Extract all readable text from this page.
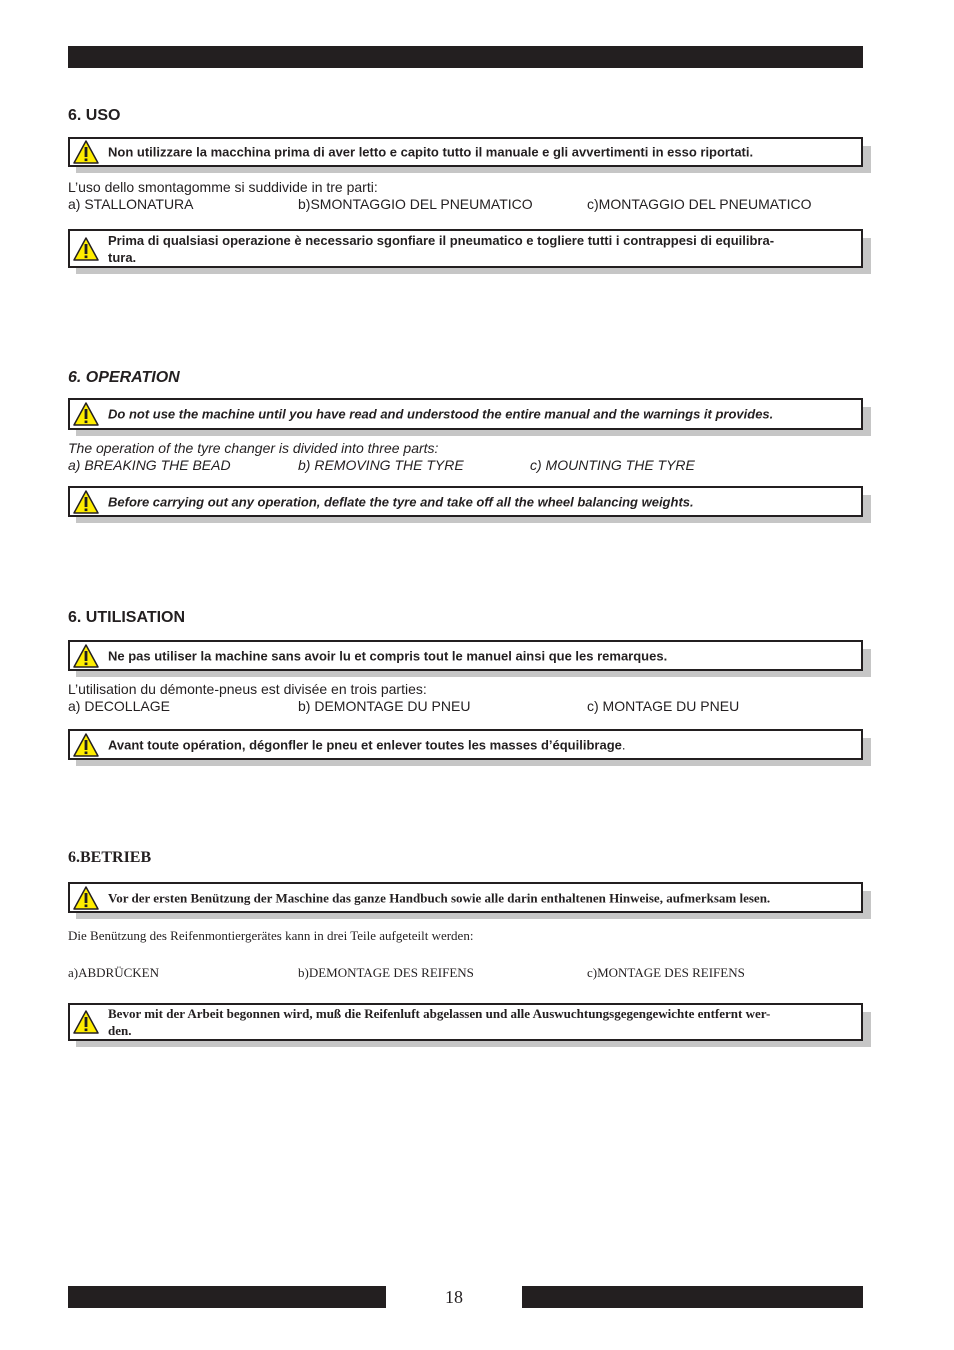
6. USO
Non utilizzare la macchina prima di aver letto e capito tutto il manuale e gli avvertimenti in esso riportati.
L’uso dello smontagomme si suddivide in tre parti:
a) STALLONATURA	b)SMONTAGGIO DEL PNEUMATICO	c)MONTAGGIO DEL PNEUMATICO
Prima di qualsiasi operazione è necessario sgonfiare il pneumatico e togliere tutti i contrappesi di equilibra-
tura.
6. OPERATION
Do not use the machine until you have read and understood the entire manual and the warnings it provides.
The operation of the tyre changer is divided into three parts:
a) BREAKING THE BEAD	b) REMOVING THE TYRE	c) MOUNTING THE TYRE
Before carrying out any operation, deflate the tyre and take off all the wheel balancing weights.
6. UTILISATION
Ne pas utiliser la machine sans avoir lu et compris tout le manuel ainsi que les remarques.
L’utilisation du démonte-pneus est divisée en trois parties:
a) DECOLLAGE	b) DEMONTAGE DU PNEU	c) MONTAGE DU PNEU
Avant toute opération, dégonfler le pneu et enlever toutes les masses d’équilibrage.
6.BETRIEB
Vor der ersten Benützung der Maschine das ganze Handbuch sowie alle darin enthaltenen Hinweise, aufmerksam lesen.
Die Benützung des Reifenmontiergerätes kann in drei Teile aufgeteilt werden:
a)ABDRÜCKEN	b)DEMONTAGE DES REIFENS	c)MONTAGE DES REIFENS
Bevor mit der Arbeit begonnen wird, muß die Reifenluft abgelassen und alle Auswuchtungsgegengewichte entfernt wer-
den.
18
